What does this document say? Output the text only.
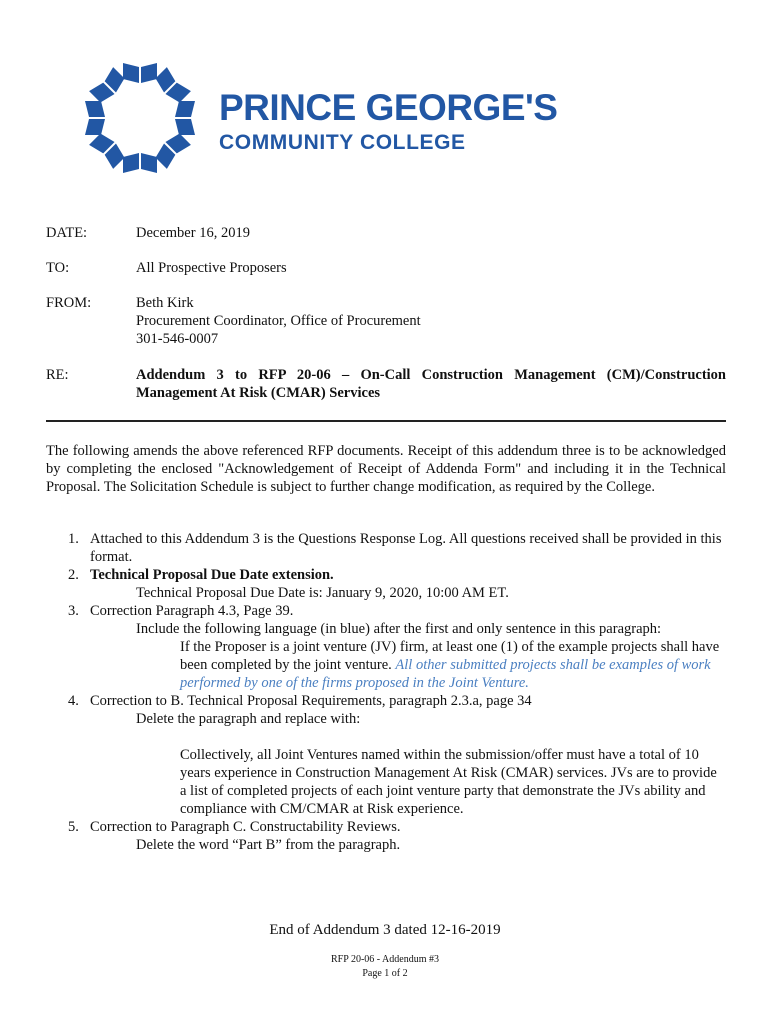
PRINCE GEORGE'S
COMMUNITY COLLEGE
DATE:	December 16, 2019
TO:	All Prospective Proposers
FROM:	Beth Kirk
Procurement Coordinator, Office of Procurement
301-546-0007
RE:	Addendum 3 to RFP 20-06 – On-Call Construction Management (CM)/Construction Management At Risk (CMAR) Services
The following amends the above referenced RFP documents. Receipt of this addendum three is to be acknowledged by completing the enclosed "Acknowledgement of Receipt of Addenda Form" and including it in the Technical Proposal. The Solicitation Schedule is subject to further change modification, as required by the College.
1. Attached to this Addendum 3 is the Questions Response Log. All questions received shall be provided in this format.
2. Technical Proposal Due Date extension.
Technical Proposal Due Date is: January 9, 2020, 10:00 AM ET.
3. Correction Paragraph 4.3, Page 39.
Include the following language (in blue) after the first and only sentence in this paragraph:
If the Proposer is a joint venture (JV) firm, at least one (1) of the example projects shall have been completed by the joint venture. All other submitted projects shall be examples of work performed by one of the firms proposed in the Joint Venture.
4. Correction to B. Technical Proposal Requirements, paragraph 2.3.a, page 34
Delete the paragraph and replace with:
Collectively, all Joint Ventures named within the submission/offer must have a total of 10 years experience in Construction Management At Risk (CMAR) services. JVs are to provide a list of completed projects of each joint venture party that demonstrate the JVs ability and compliance with CM/CMAR at Risk experience.
5. Correction to Paragraph C. Constructability Reviews.
Delete the word “Part B” from the paragraph.
End of Addendum 3 dated 12-16-2019
RFP 20-06 - Addendum #3
Page 1 of 2
